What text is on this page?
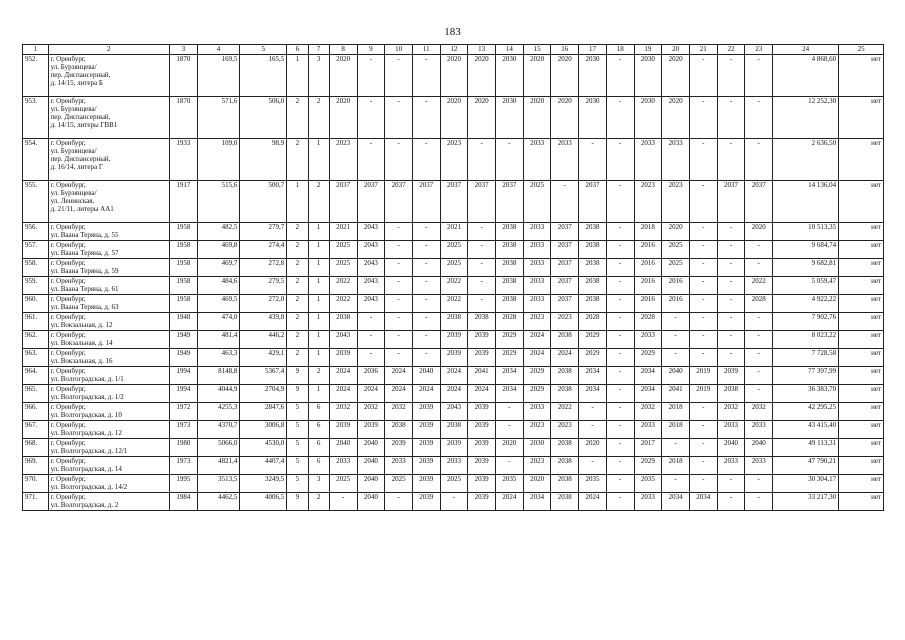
183
1	2	3	4	5	6	7	8	9	10	11	12	13	14	15	16	17	18	19	20	21	22	23	24	25
952.	г. Оренбург,
ул. Бурзянцева/
пер. Диспансерный,
д. 14/15, литера Б	1870	169,5	165,5	1	3	2020	-	-	-	2020	2020	2030	2020	2020	2030	-	2030	2020	-	-	-	4 868,60	нет
953.	г. Оренбург,
ул. Бурзянцева/
пер. Диспансерный,
д. 14/15, литеры ГВВ1	1870	571,6	506,0	2	2	2020	-	-	-	2020	2020	2030	2020	2020	2030	-	2030	2020	-	-	-	12 252,30	нет
954.	г. Оренбург,
ул. Бурзянцева/
пер. Диспансерный,
д. 16/14, литера Г	1933	109,0	98,9	2	1	2023	-	-	-	2023	-	-	2033	2033	-	-	2033	2033	-	-	-	2 636,50	нет
955.	г. Оренбург,
ул. Бурзянцева/
ул. Ленинская,
д. 21/11, литеры АА1	1917	515,6	500,7	1	2	2037	2037	2037	2037	2037	2037	2037	2025	-	2037	-	2023	2023	-	2037	2037	14 136,04	нет
956.	г. Оренбург,
ул. Ваана Теряна, д. 55	1958	482,5	279,7	2	1	2021	2043	-	-	2021	-	2038	2033	2037	2038	-	2018	2020	-	-	2020	10 513,35	нет
957.	г. Оренбург,
ул. Ваана Теряна, д. 57	1958	469,8	274,4	2	1	2025	2043	-	-	2025	-	2038	2033	2037	2038	-	2016	2025	-	-	-	9 684,74	нет
958.	г. Оренбург,
ул. Ваана Теряна, д. 59	1958	469,7	272,8	2	1	2025	2043	-	-	2025	-	2038	2033	2037	2038	-	2016	2025	-	-	-	9 682,81	нет
959.	г. Оренбург,
ул. Ваана Теряна, д. 61	1958	484,6	279,5	2	1	2022	2043	-	-	2022	-	2038	2033	2037	2038	-	2016	2016	-	-	2022	5 059,47	нет
960.	г. Оренбург,
ул. Ваана Теряна, д. 63	1958	469,5	272,0	2	1	2022	2043	-	-	2022	-	2038	2033	2037	2038	-	2016	2016	-	-	2028	4 922,22	нет
961.	г. Оренбург,
ул. Вокзальная, д. 12	1948	474,0	439,8	2	1	2038	-	-	-	2038	2038	2028	2023	2023	2028	-	2028	-	-	-	-	7 902,76	нет
962.	г. Оренбург,
ул. Вокзальная, д. 14	1949	481,4	446,2	2	1	2043	-	-	-	2039	2039	2029	2024	2038	2029	-	2033	-	-	-	-	8 023,22	нет
963.	г. Оренбург,
ул. Вокзальная, д. 16	1949	463,3	429,1	2	1	2039	-	-	-	2039	2039	2029	2024	2024	2029	-	2029	-	-	-	-	7 728,58	нет
964.	г. Оренбург,
ул. Волгоградская, д. 1/1	1994	8148,8	5367,4	9	2	2024	2036	2024	2040	2024	2041	2034	2029	2038	2034	-	2034	2040	2019	2039	-	77 397,99	нет
965.	г. Оренбург,
ул. Волгоградская, д. 1/2	1994	4044,9	2704,9	9	1	2024	2024	2024	2024	2024	2024	2034	2029	2038	2034	-	2034	2041	2019	2038	-	36 383,70	нет
966.	г. Оренбург,
ул. Волгоградская, д. 10	1972	4255,3	2847,6	5	6	2032	2032	2032	2039	2043	2039	-	2033	2022	-	-	2032	2018	-	2032	2032	42 295,25	нет
967.	г. Оренбург,
ул. Волгоградская, д. 12	1973	4370,7	3006,8	5	6	2039	2039	2038	2039	2038	2039	-	2023	2023	-	-	2033	2018	-	2033	2033	43 415,40	нет
968.	г. Оренбург,
ул. Волгоградская, д. 12/1	1980	5066,0	4530,0	5	6	2040	2040	2039	2039	2039	2039	2020	2030	2038	2020	-	2017	-	-	2040	2040	49 113,31	нет
969.	г. Оренбург,
ул. Волгоградская, д. 14	1973	4821,4	4407,4	5	6	2033	2040	2033	2039	2033	2039	-	2023	2038	-	-	2029	2018	-	2033	2033	47 790,21	нет
970.	г. Оренбург,
ул. Волгоградская, д. 14/2	1995	3513,5	3249,5	5	3	2025	2040	2025	2039	2025	2039	2035	2020	2038	2035	-	2035	-	-	-	-	30 304,17	нет
971.	г. Оренбург,
ул. Волгоградская, д. 2	1984	4462,5	4006,5	9	2	-	2040	-	2039	-	2039	2024	2034	2038	2024	-	2033	2034	2034	-	-	33 217,30	нет
